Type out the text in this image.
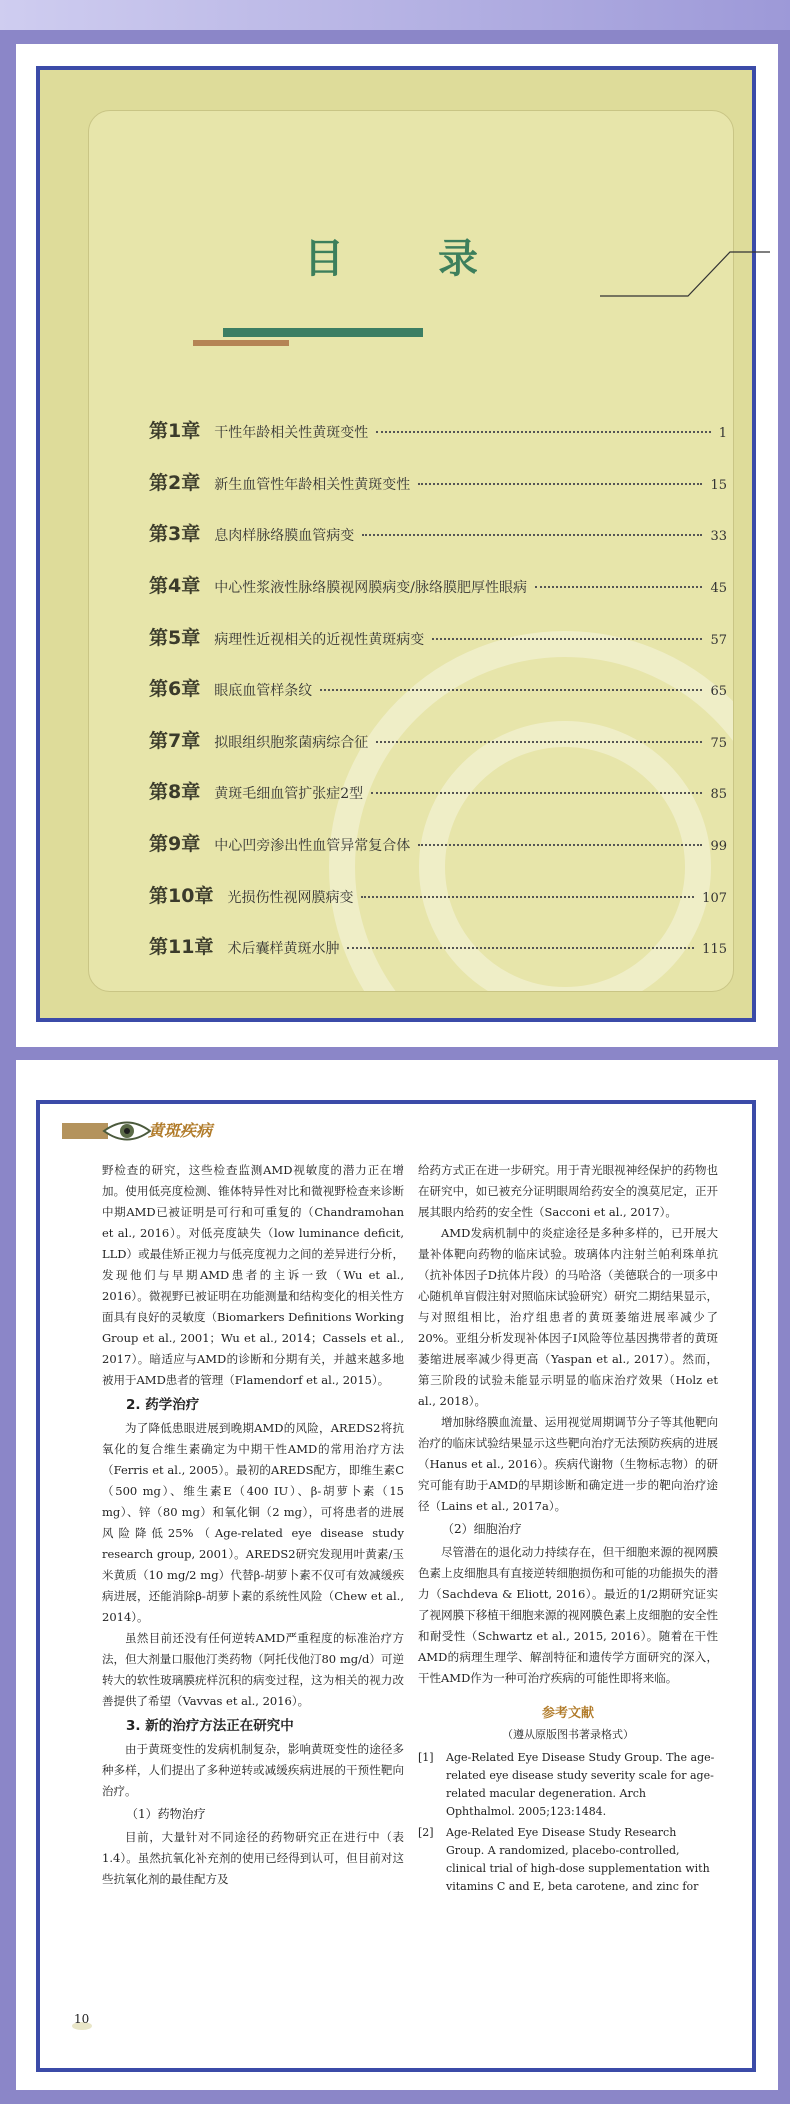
目 录
第1章 干性年龄相关性黄斑变性	1
第2章 新生血管性年龄相关性黄斑变性	15
第3章 息肉样脉络膜血管病变	33
第4章 中心性浆液性脉络膜视网膜病变/脉络膜肥厚性眼病	45
第5章 病理性近视相关的近视性黄斑病变	57
第6章 眼底血管样条纹	65
第7章 拟眼组织胞浆菌病综合征	75
第8章 黄斑毛细血管扩张症2型	85
第9章 中心凹旁渗出性血管异常复合体	99
第10章 光损伤性视网膜病变	107
第11章 术后囊样黄斑水肿	115
黄斑疾病

野检查的研究，这些检查监测AMD视敏度的潜力正在增加。使用低亮度检测、锥体特异性对比和微视野检查来诊断中期AMD已被证明是可行和可重复的（Chandramohan et al., 2016）。对低亮度缺失（low luminance deficit, LLD）或最佳矫正视力与低亮度视力之间的差异进行分析，发现他们与早期AMD患者的主诉一致（Wu et al., 2016）。微视野已被证明在功能测量和结构变化的相关性方面具有良好的灵敏度（Biomarkers Definitions Working Group et al., 2001；Wu et al., 2014；Cassels et al., 2017）。暗适应与AMD的诊断和分期有关，并越来越多地被用于AMD患者的管理（Flamendorf et al., 2015）。

2. 药学治疗

为了降低患眼进展到晚期AMD的风险，AREDS2将抗氧化的复合维生素确定为中期干性AMD的常用治疗方法（Ferris et al., 2005）。最初的AREDS配方，即维生素C（500 mg）、维生素E（400 IU）、β-胡萝卜素（15 mg）、锌（80 mg）和氧化铜（2 mg），可将患者的进展风险降低25%（Age-related eye disease study research group, 2001）。AREDS2研究发现用叶黄素/玉米黄质（10 mg/2 mg）代替β-胡萝卜素不仅可有效减缓疾病进展，还能消除β-胡萝卜素的系统性风险（Chew et al., 2014）。

虽然目前还没有任何逆转AMD严重程度的标准治疗方法，但大剂量口服他汀类药物（阿托伐他汀80 mg/d）可逆转大的软性玻璃膜疣样沉积的病变过程，这为相关的视力改善提供了希望（Vavvas et al., 2016）。

3. 新的治疗方法正在研究中

由于黄斑变性的发病机制复杂，影响黄斑变性的途径多种多样，人们提出了多种逆转或减缓疾病进展的干预性靶向治疗。

（1）药物治疗

目前，大量针对不同途径的药物研究正在进行中（表1.4）。虽然抗氧化补充剂的使用已经得到认可，但目前对这些抗氧化剂的最佳配方及

给药方式正在进一步研究。用于青光眼视神经保护的药物也在研究中，如已被充分证明眼周给药安全的溴莫尼定，正开展其眼内给药的安全性（Sacconi et al., 2017）。

AMD发病机制中的炎症途径是多种多样的，已开展大量补体靶向药物的临床试验。玻璃体内注射兰帕利珠单抗（抗补体因子D抗体片段）的马哈洛（美德联合的一项多中心随机单盲假注射对照临床试验研究）研究二期结果显示，与对照组相比，治疗组患者的黄斑萎缩进展率减少了20%。亚组分析发现补体因子I风险等位基因携带者的黄斑萎缩进展率减少得更高（Yaspan et al., 2017）。然而，第三阶段的试验未能显示明显的临床治疗效果（Holz et al., 2018）。

增加脉络膜血流量、运用视觉周期调节分子等其他靶向治疗的临床试验结果显示这些靶向治疗无法预防疾病的进展（Hanus et al., 2016）。疾病代谢物（生物标志物）的研究可能有助于AMD的早期诊断和确定进一步的靶向治疗途径（Lains et al., 2017a）。

（2）细胞治疗

尽管潜在的退化动力持续存在，但干细胞来源的视网膜色素上皮细胞具有直接逆转细胞损伤和可能的功能损失的潜力（Sachdeva & Eliott, 2016）。最近的1/2期研究证实了视网膜下移植干细胞来源的视网膜色素上皮细胞的安全性和耐受性（Schwartz et al., 2015, 2016）。随着在干性AMD的病理生理学、解剖特征和遗传学方面研究的深入，干性AMD作为一种可治疗疾病的可能性即将来临。

参考文献
（遵从原版图书著录格式）
[1]	Age-Related Eye Disease Study Group. The age-related eye disease study severity scale for age-related macular degeneration. Arch Ophthalmol. 2005;123:1484.
[2]	Age-Related Eye Disease Study Research Group. A randomized, placebo-controlled, clinical trial of high-dose supplementation with vitamins C and E, beta carotene, and zinc for
10
